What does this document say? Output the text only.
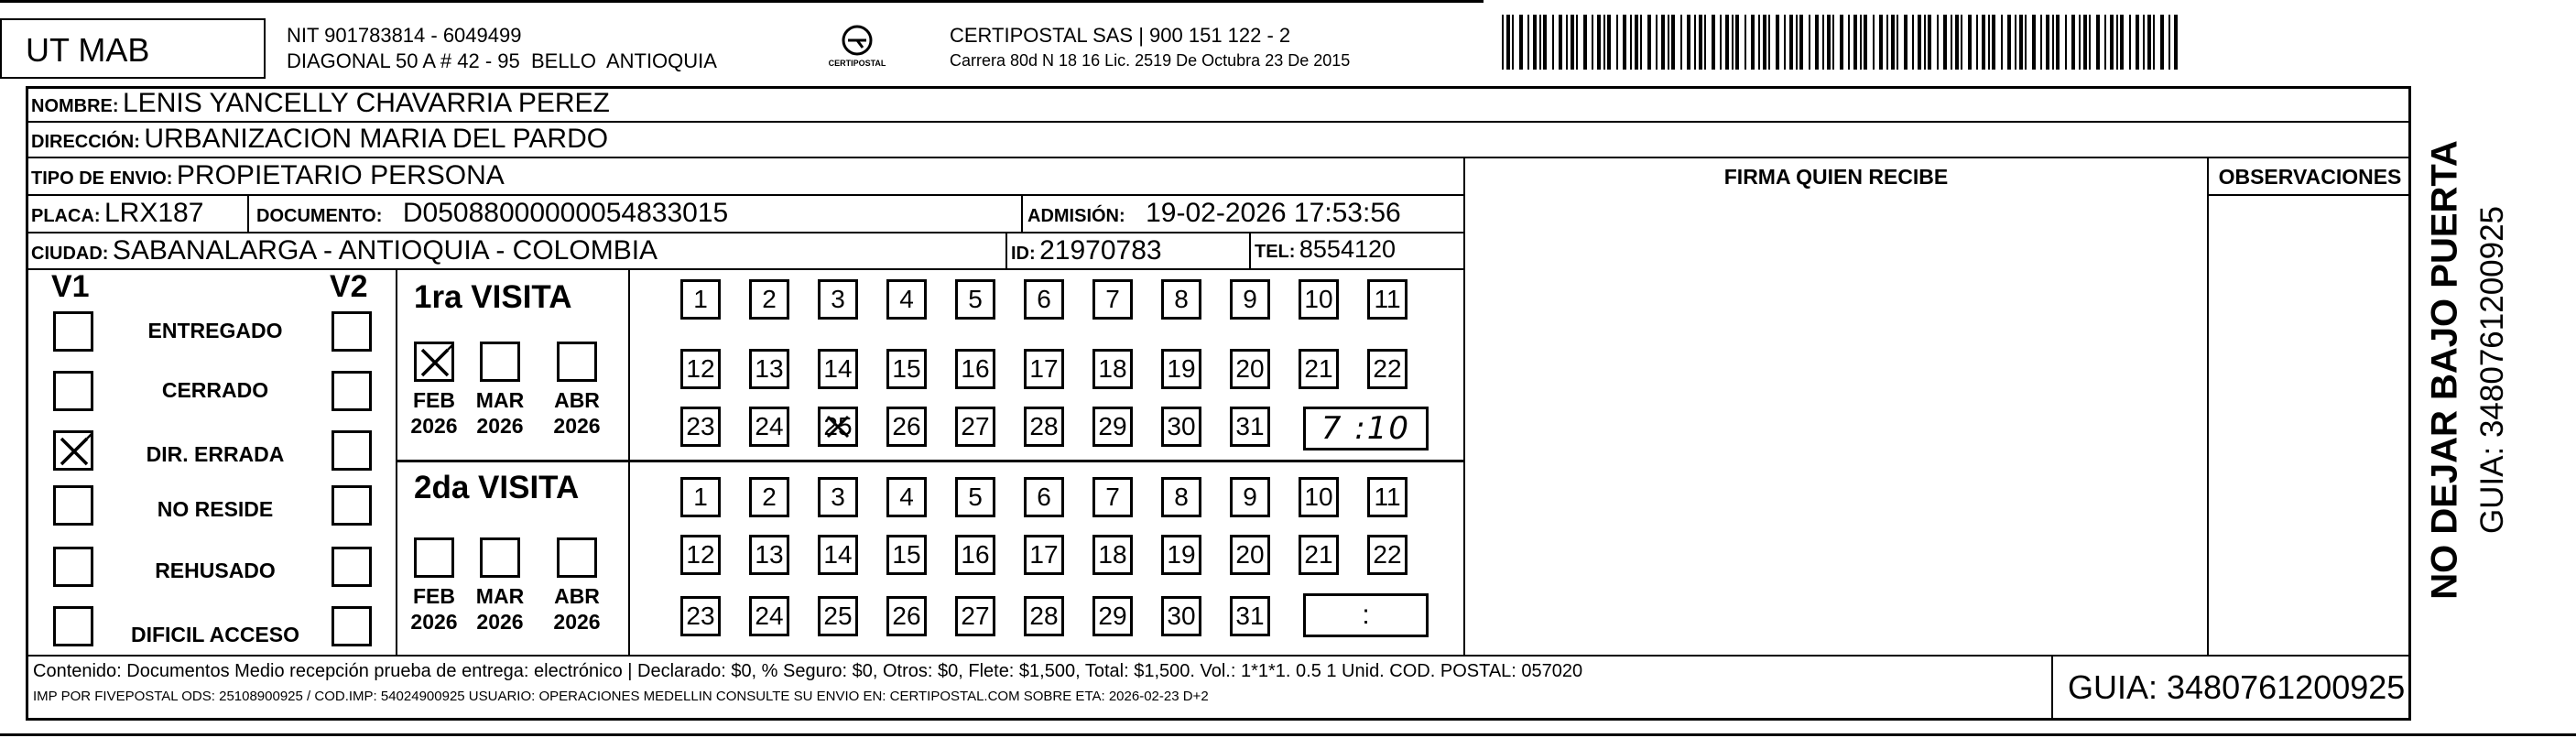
UT MAB	NIT 901783814 - 6049499
DIAGONAL 50 A # 42 - 95  BELLO  ANTIOQUIA	CERTIPOSTAL
CERTIPOSTAL SAS | 900 151 122 - 2
Carrera 80d N 18 16 Lic. 2519 De Octubra 23 De 2015
NOMBRE: LENIS YANCELLY CHAVARRIA PEREZ
DIRECCIÓN: URBANIZACION MARIA DEL PARDO
TIPO DE ENVIO: PROPIETARIO PERSONA	FIRMA QUIEN RECIBE	OBSERVACIONES
PLACA: LRX187	DOCUMENTO: D05088000000054833015	ADMISIÓN: 19-02-2026 17:53:56
CIUDAD: SABANALARGA - ANTIOQUIA - COLOMBIA	ID: 21970783	TEL: 8554120
V1	V2
ENTREGADO
CERRADO
DIR. ERRADA
NO RESIDE
REHUSADO
DIFICIL ACCESO
1ra VISITA
2da VISITA
FEB
2026
MAR
2026
ABR
2026
FEB
2026
MAR
2026
ABR
2026
1 2 3 4 5 6 7 8 9 10 11
12 13 14 15 16 17 18 19 20 21 22
23 24 25 26 27 28 29 30 31
1 2 3 4 5 6 7 8 9 10 11
12 13 14 15 16 17 18 19 20 21 22
23 24 25 26 27 28 29 30 31
7 :10
:
NO DEJAR BAJO PUERTA GUIA: 3480761200925
Contenido: Documentos Medio recepción prueba de entrega: electrónico | Declarado: $0, % Seguro: $0, Otros: $0, Flete: $1,500, Total: $1,500. Vol.: 1*1*1. 0.5 1 Unid. COD. POSTAL: 057020
IMP POR FIVEPOSTAL ODS: 25108900925 / COD.IMP: 54024900925 USUARIO: OPERACIONES MEDELLIN CONSULTE SU ENVIO EN: CERTIPOSTAL.COM SOBRE ETA: 2026-02-23 D+2	GUIA: 3480761200925
